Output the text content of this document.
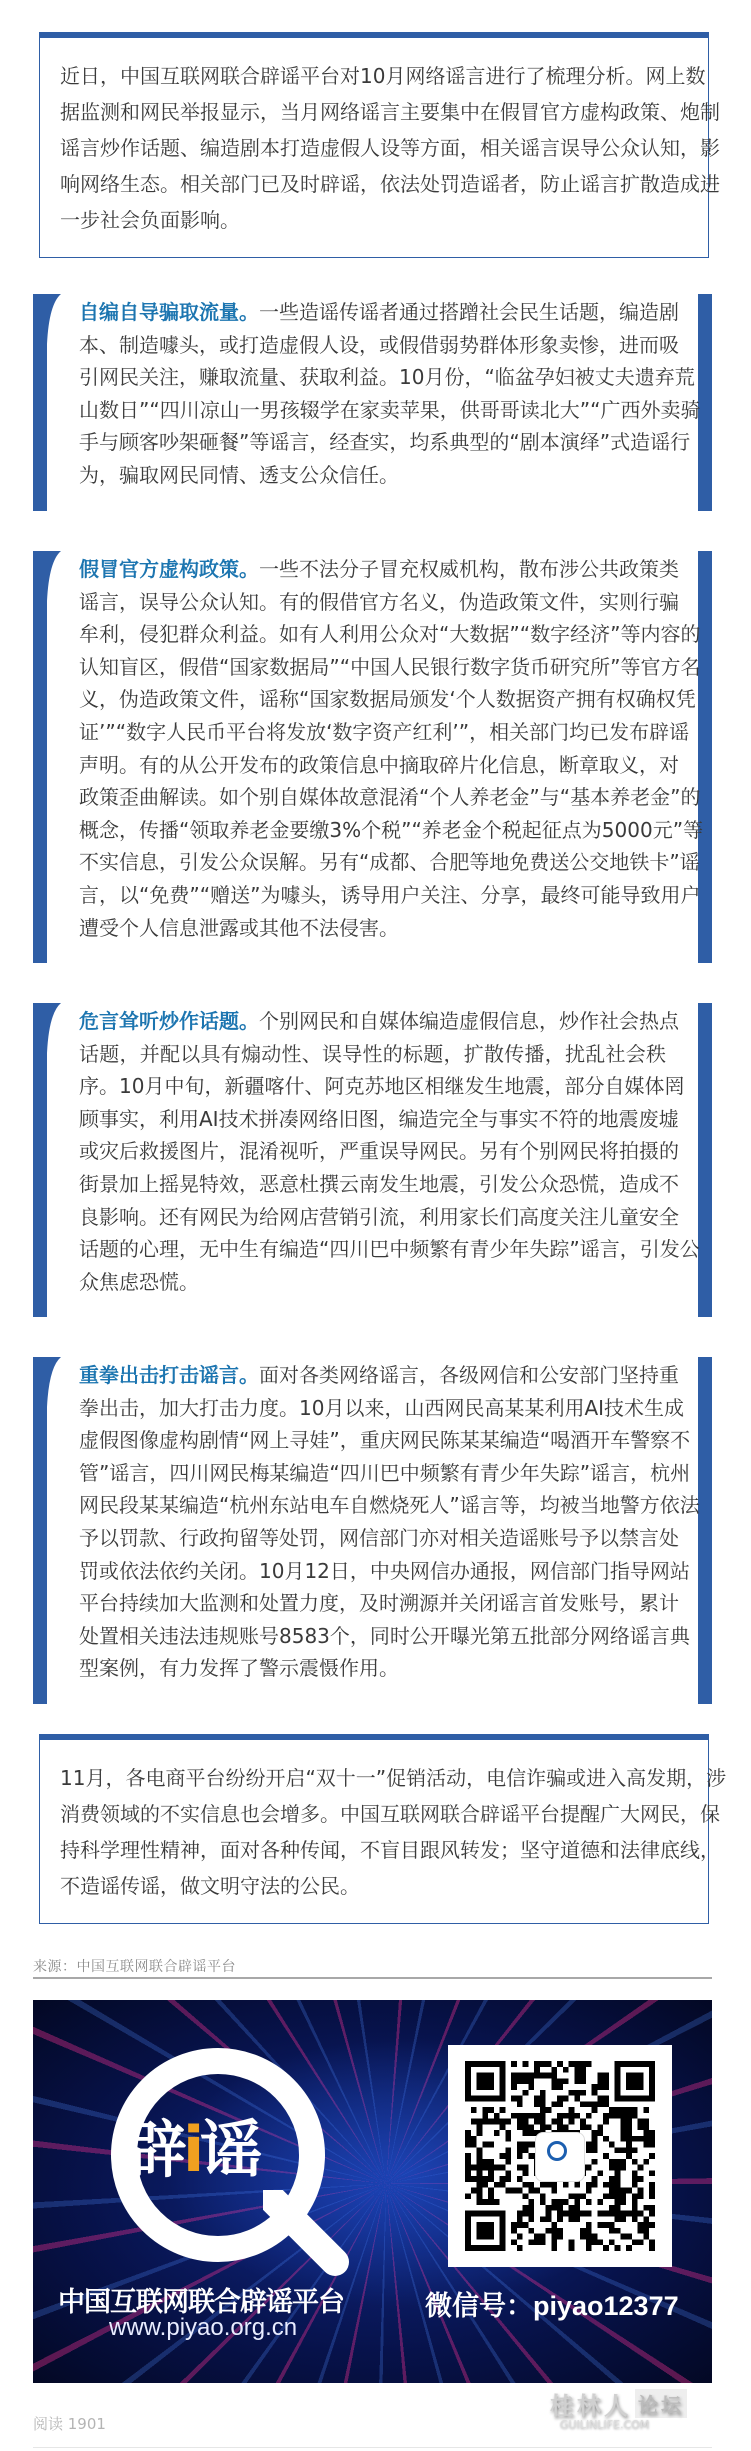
近日，中国互联网联合辟谣平台对10月网络谣言进行了梳理分析。网上数
据监测和网民举报显示，当月网络谣言主要集中在假冒官方虚构政策、炮制
谣言炒作话题、编造剧本打造虚假人设等方面，相关谣言误导公众认知，影
响网络生态。相关部门已及时辟谣，依法处罚造谣者，防止谣言扩散造成进
一步社会负面影响。
自编自导骗取流量。一些造谣传谣者通过搭蹭社会民生话题，编造剧
本、制造噱头，或打造虚假人设，或假借弱势群体形象卖惨，进而吸
引网民关注，赚取流量、获取利益。10月份，“临盆孕妇被丈夫遗弃荒
山数日”“四川凉山一男孩辍学在家卖苹果，供哥哥读北大”“广西外卖骑
手与顾客吵架砸餐”等谣言，经查实，均系典型的“剧本演绎”式造谣行
为，骗取网民同情、透支公众信任。
假冒官方虚构政策。一些不法分子冒充权威机构，散布涉公共政策类
谣言，误导公众认知。有的假借官方名义，伪造政策文件，实则行骗
牟利，侵犯群众利益。如有人利用公众对“大数据”“数字经济”等内容的
认知盲区，假借“国家数据局”“中国人民银行数字货币研究所”等官方名
义，伪造政策文件，谣称“国家数据局颁发‘个人数据资产拥有权确权凭
证’”“数字人民币平台将发放‘数字资产红利’”，相关部门均已发布辟谣
声明。有的从公开发布的政策信息中摘取碎片化信息，断章取义，对
政策歪曲解读。如个别自媒体故意混淆“个人养老金”与“基本养老金”的
概念，传播“领取养老金要缴3%个税”“养老金个税起征点为5000元”等
不实信息，引发公众误解。另有“成都、合肥等地免费送公交地铁卡”谣
言，以“免费”“赠送”为噱头，诱导用户关注、分享，最终可能导致用户
遭受个人信息泄露或其他不法侵害。
危言耸听炒作话题。个别网民和自媒体编造虚假信息，炒作社会热点
话题，并配以具有煽动性、误导性的标题，扩散传播，扰乱社会秩
序。10月中旬，新疆喀什、阿克苏地区相继发生地震，部分自媒体罔
顾事实，利用AI技术拼凑网络旧图，编造完全与事实不符的地震废墟
或灾后救援图片，混淆视听，严重误导网民。另有个别网民将拍摄的
街景加上摇晃特效，恶意杜撰云南发生地震，引发公众恐慌，造成不
良影响。还有网民为给网店营销引流，利用家长们高度关注儿童安全
话题的心理，无中生有编造“四川巴中频繁有青少年失踪”谣言，引发公
众焦虑恐慌。
重拳出击打击谣言。面对各类网络谣言，各级网信和公安部门坚持重
拳出击，加大打击力度。10月以来，山西网民高某某利用AI技术生成
虚假图像虚构剧情“网上寻娃”，重庆网民陈某某编造“喝酒开车警察不
管”谣言，四川网民梅某编造“四川巴中频繁有青少年失踪”谣言，杭州
网民段某某编造“杭州东站电车自燃烧死人”谣言等，均被当地警方依法
予以罚款、行政拘留等处罚，网信部门亦对相关造谣账号予以禁言处
罚或依法依约关闭。10月12日，中央网信办通报，网信部门指导网站
平台持续加大监测和处置力度，及时溯源并关闭谣言首发账号，累计
处置相关违法违规账号8583个，同时公开曝光第五批部分网络谣言典
型案例，有力发挥了警示震慑作用。
11月，各电商平台纷纷开启“双十一”促销活动，电信诈骗或进入高发期，涉
消费领域的不实信息也会增多。中国互联网联合辟谣平台提醒广大网民，保
持科学理性精神，面对各种传闻，不盲目跟风转发；坚守道德和法律底线，
不造谣传谣，做文明守法的公民。
来源：中国互联网联合辟谣平台
辟i谣
中国互联网联合辟谣平台
www.piyao.org.cn
微信号：piyao12377
阅读 1901
桂林人 论坛
GUILINLIFE.COM
